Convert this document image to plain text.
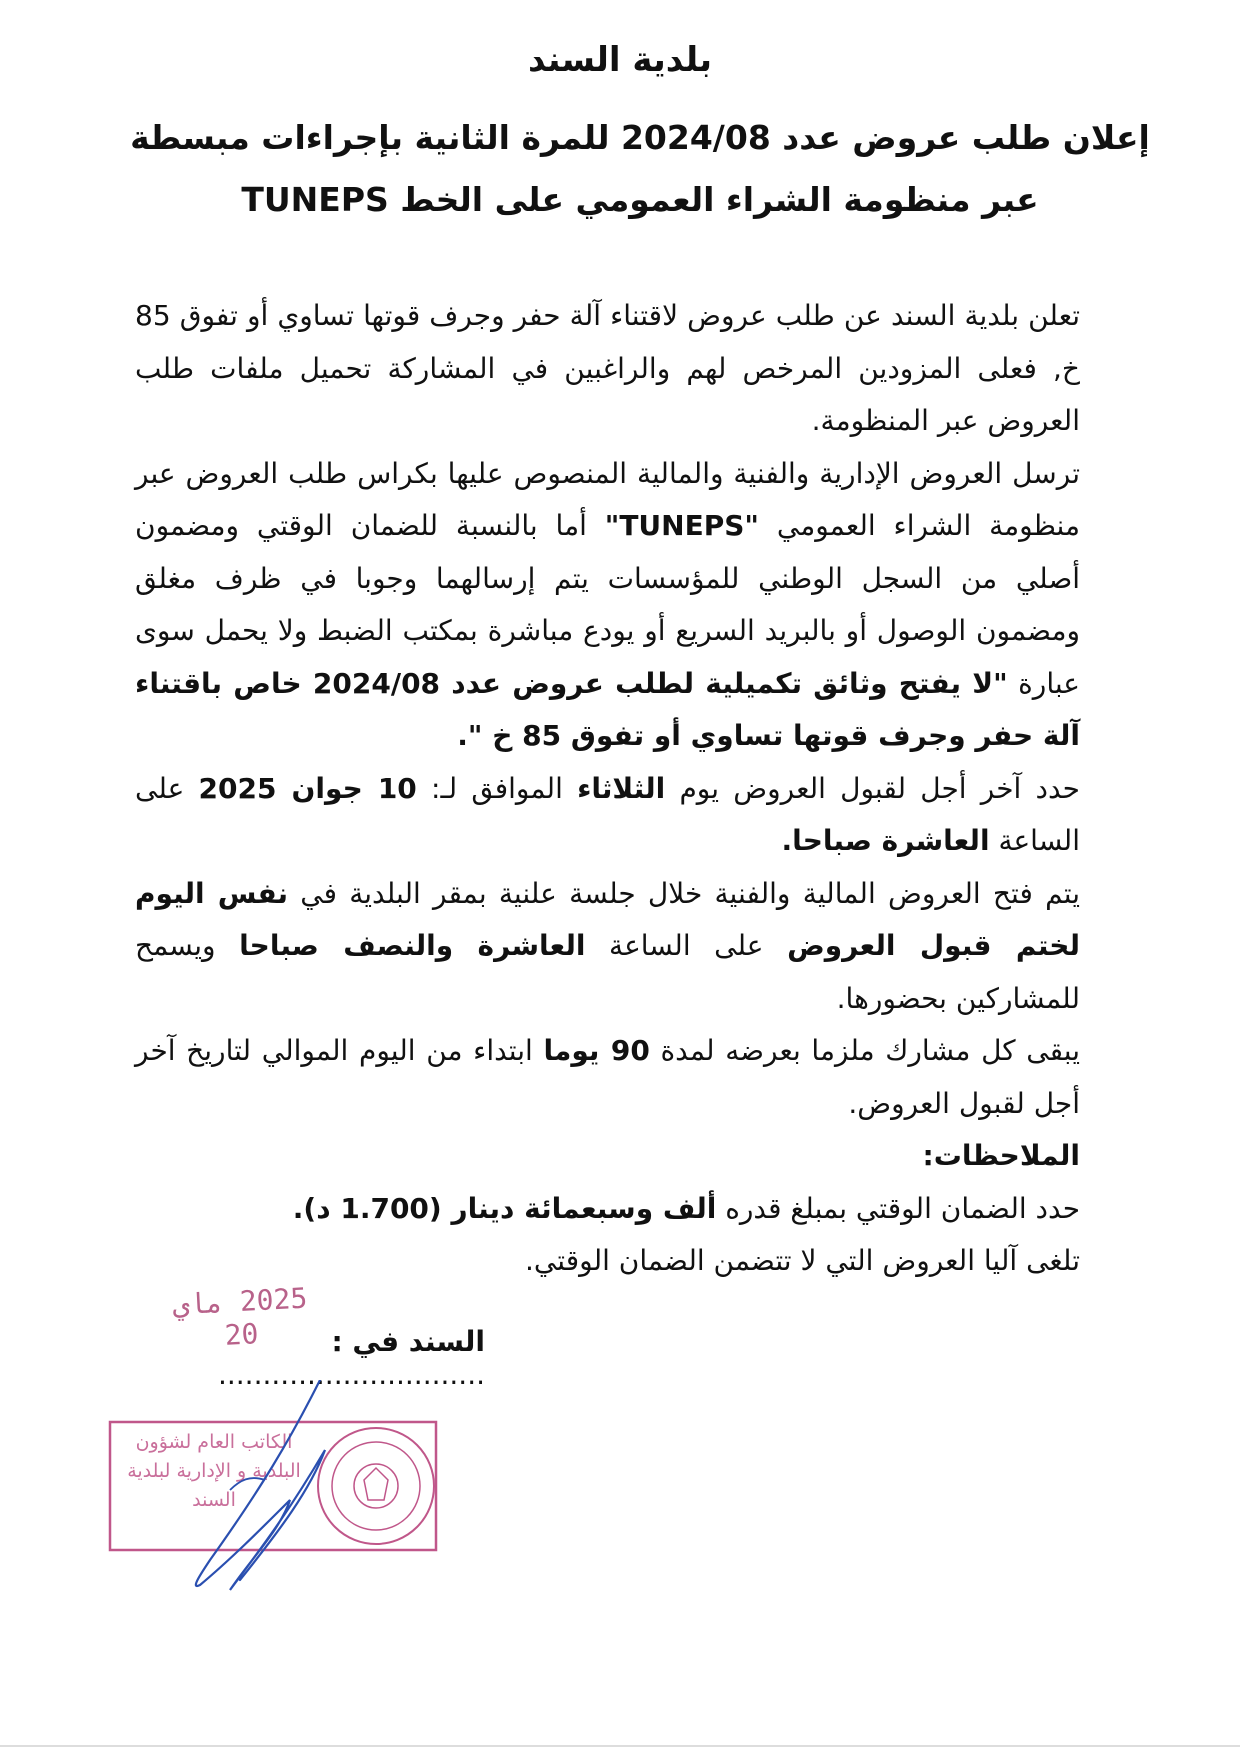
بلدية السند
إعلان طلب عروض عدد 2024/08 للمرة الثانية بإجراءات مبسطة
عبر منظومة الشراء العمومي على الخط TUNEPS

تعلن بلدية السند عن طلب عروض لاقتناء آلة حفر وجرف قوتها تساوي أو تفوق 85 خ, فعلى المزودين المرخص لهم والراغبين في المشاركة تحميل ملفات طلب العروض عبر المنظومة.

ترسل العروض الإدارية والفنية والمالية المنصوص عليها بكراس طلب العروض عبر منظومة الشراء العمومي "TUNEPS" أما بالنسبة للضمان الوقتي ومضمون أصلي من السجل الوطني للمؤسسات يتم إرسالهما وجوبا في ظرف مغلق ومضمون الوصول أو بالبريد السريع أو يودع مباشرة بمكتب الضبط ولا يحمل سوى عبارة "لا يفتح وثائق تكميلية لطلب عروض عدد 2024/08 خاص باقتناء آلة حفر وجرف قوتها تساوي أو تفوق 85 خ ".

حدد آخر أجل لقبول العروض يوم الثلاثاء الموافق لـ: 10 جوان 2025 على الساعة العاشرة صباحا.

يتم فتح العروض المالية والفنية خلال جلسة علنية بمقر البلدية في نفس اليوم لختم قبول العروض على الساعة العاشرة والنصف صباحا ويسمح للمشاركين بحضورها.

يبقى كل مشارك ملزما بعرضه لمدة 90 يوما ابتداء من اليوم الموالي لتاريخ آخر أجل لقبول العروض.

الملاحظات:

حدد الضمان الوقتي بمبلغ قدره ألف وسبعمائة دينار (1.700 د).

تلغى آليا العروض التي لا تتضمن الضمان الوقتي.

2025 ماي 20	السند في : ..............................
الكاتب العام لشؤون البلدية و الإدارية لبلدية السند
